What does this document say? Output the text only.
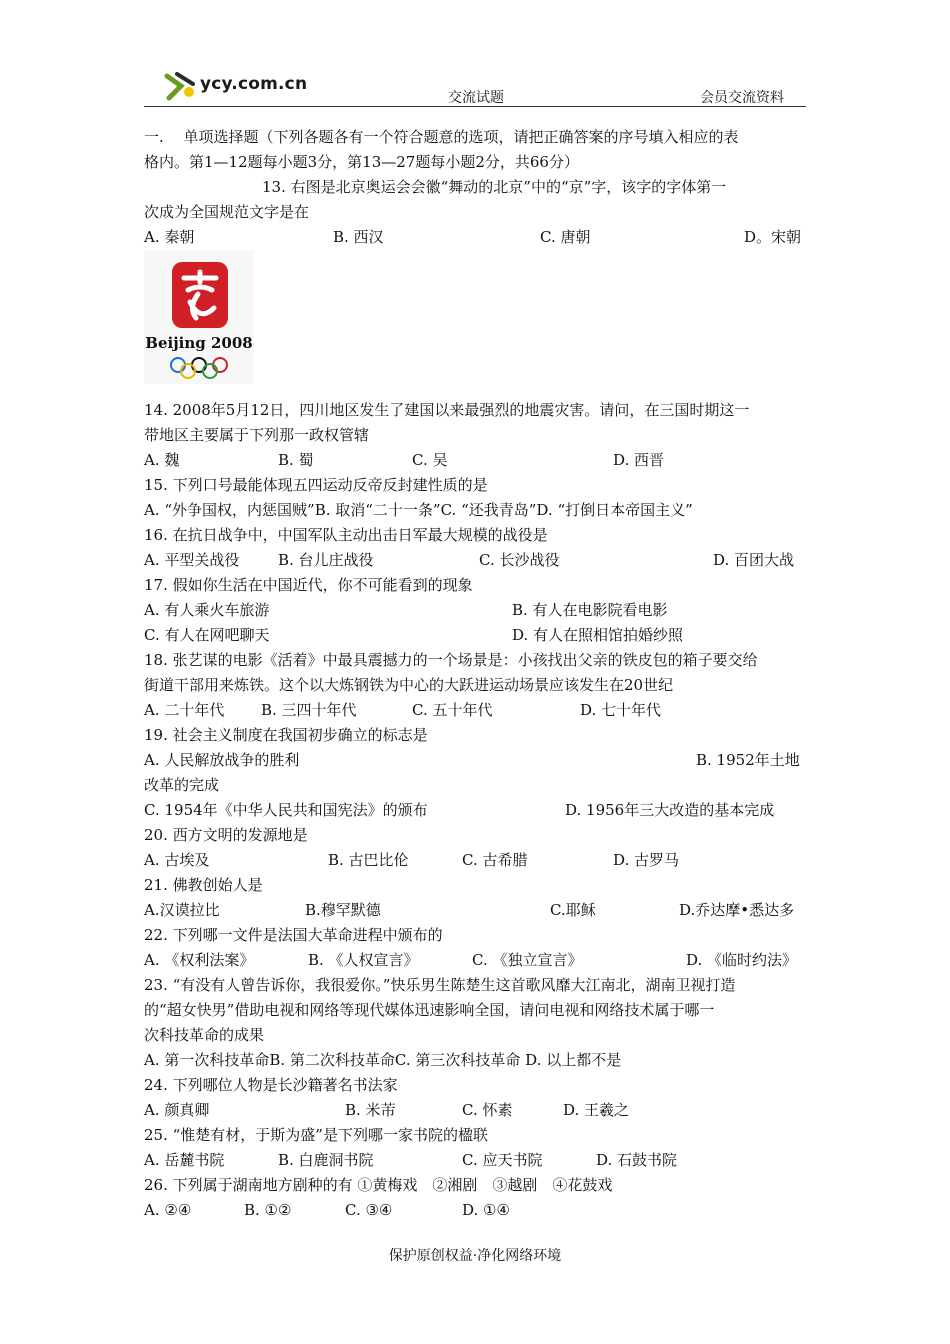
ycy.com.cn
交流试题	会员交流资料
一.　 单项选择题（下列各题各有一个符合题意的选项，请把正确答案的序号填入相应的表
格内。第1—12题每小题3分，第13—27题每小题2分，共66分）
13. 右图是北京奥运会会徽“舞动的北京”中的“京”字，该字的字体第一
次成为全国规范文字是在
A. 秦朝	B. 西汉	C. 唐朝	D。宋朝
Beijing 2008
14. 2008年5月12日，四川地区发生了建国以来最强烈的地震灾害。请问，在三国时期这一
带地区主要属于下列那一政权管辖
A. 魏	B. 蜀	C. 吴	D. 西晋
15. 下列口号最能体现五四运动反帝反封建性质的是
A. “外争国权，内惩国贼”B. 取消“二十一条”C. “还我青岛”D. “打倒日本帝国主义”
16. 在抗日战争中，中国军队主动出击日军最大规模的战役是
A. 平型关战役	B. 台儿庄战役	C. 长沙战役	D. 百团大战
17. 假如你生活在中国近代，你不可能看到的现象
A. 有人乘火车旅游	B. 有人在电影院看电影
C. 有人在网吧聊天	D. 有人在照相馆拍婚纱照
18. 张艺谋的电影《活着》中最具震撼力的一个场景是：小孩找出父亲的铁皮包的箱子要交给
街道干部用来炼铁。这个以大炼钢铁为中心的大跃进运动场景应该发生在20世纪
A. 二十年代 B. 三四十年代	C. 五十年代	D. 七十年代
19. 社会主义制度在我国初步确立的标志是
A. 人民解放战争的胜利	B. 1952年土地
改革的完成
C. 1954年《中华人民共和国宪法》的颁布	D. 1956年三大改造的基本完成
20. 西方文明的发源地是
A. 古埃及	B. 古巴比伦	C. 古希腊	D. 古罗马
21. 佛教创始人是
A.汉谟拉比	B.穆罕默德	C.耶稣	D.乔达摩•悉达多
22. 下列哪一文件是法国大革命进程中颁布的
A. 《权利法案》	B. 《人权宣言》	C. 《独立宣言》	D. 《临时约法》
23. “有没有人曾告诉你，我很爱你。”快乐男生陈楚生这首歌风靡大江南北，湖南卫视打造
的“超女快男”借助电视和网络等现代媒体迅速影响全国，请问电视和网络技术属于哪一
次科技革命的成果
A. 第一次科技革命B. 第二次科技革命C. 第三次科技革命 D. 以上都不是
24. 下列哪位人物是长沙籍著名书法家
A. 颜真卿	B. 米芾	C. 怀素	D. 王羲之
25. “惟楚有材，于斯为盛”是下列哪一家书院的楹联
A. 岳麓书院	B. 白鹿洞书院	C. 应天书院	D. 石鼓书院
26. 下列属于湖南地方剧种的有 ①黄梅戏　②湘剧　③越剧　④花鼓戏
A. ②④	B. ①②	C. ③④	D. ①④
保护原创权益·净化网络环境
